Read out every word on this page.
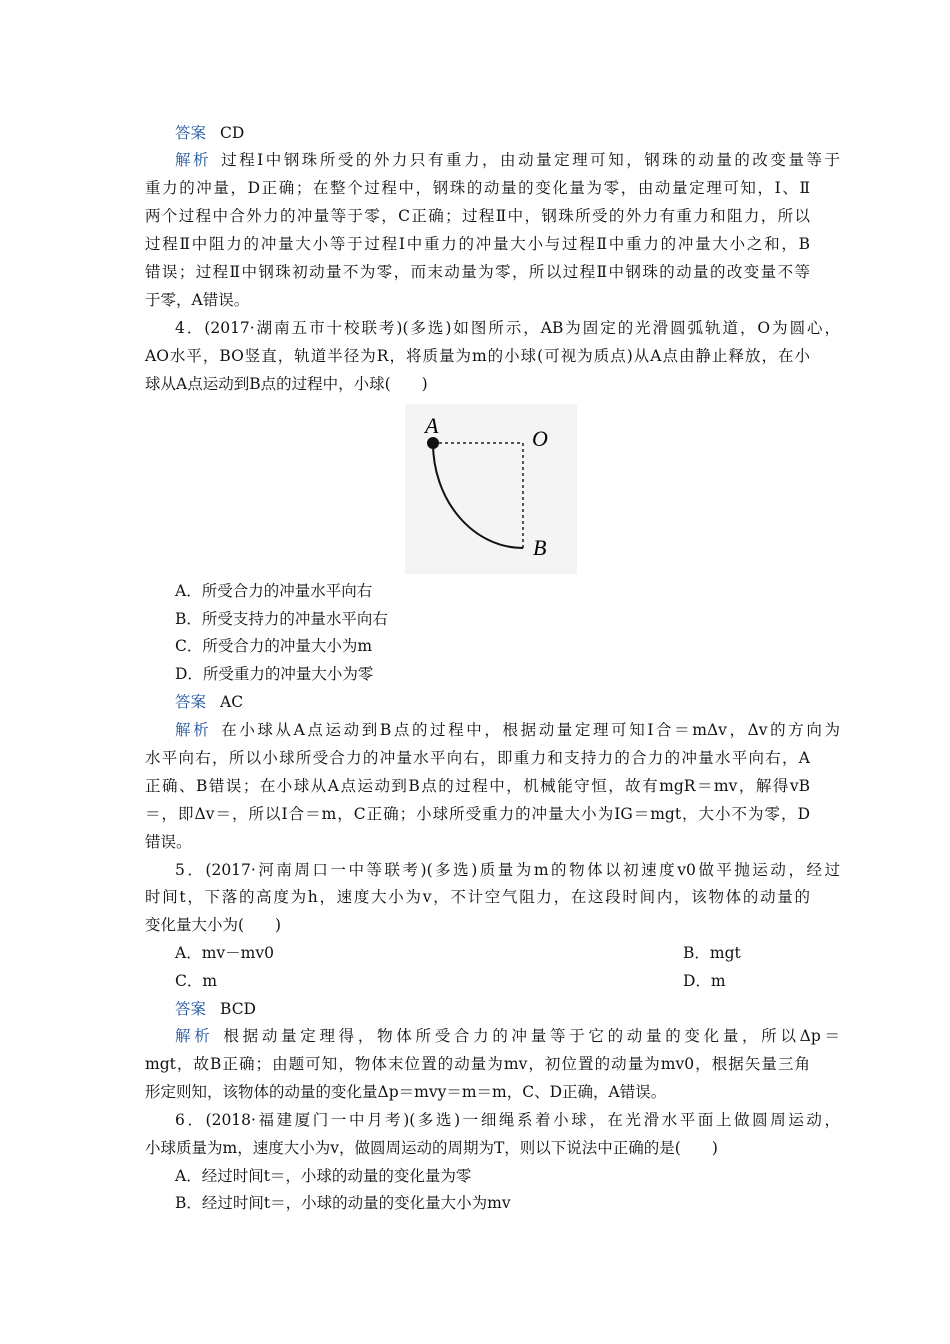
答案 CD
解析 过程Ⅰ中钢珠所受的外力只有重力，由动量定理可知，钢珠的动量的改变量等于
重力的冲量，D正确；在整个过程中，钢珠的动量的变化量为零，由动量定理可知，Ⅰ、Ⅱ
两个过程中合外力的冲量等于零，C正确；过程Ⅱ中，钢珠所受的外力有重力和阻力，所以
过程Ⅱ中阻力的冲量大小等于过程Ⅰ中重力的冲量大小与过程Ⅱ中重力的冲量大小之和，B
错误；过程Ⅱ中钢珠初动量不为零，而末动量为零，所以过程Ⅱ中钢珠的动量的改变量不等
于零，A错误。
4．(2017·湖南五市十校联考)(多选)如图所示，AB为固定的光滑圆弧轨道，O为圆心，
AO水平，BO竖直，轨道半径为R，将质量为m的小球(可视为质点)从A点由静止释放，在小
球从A点运动到B点的过程中，小球(　　)
A
O
B
A．所受合力的冲量水平向右
B．所受支持力的冲量水平向右
C．所受合力的冲量大小为m
D．所受重力的冲量大小为零
答案 AC
解析 在小球从A点运动到B点的过程中，根据动量定理可知I合＝mΔv，Δv的方向为
水平向右，所以小球所受合力的冲量水平向右，即重力和支持力的合力的冲量水平向右，A
正确、B错误；在小球从A点运动到B点的过程中，机械能守恒，故有mgR＝mv，解得vB
＝，即Δv＝，所以I合＝m，C正确；小球所受重力的冲量大小为IG＝mgt，大小不为零，D
错误。
5．(2017·河南周口一中等联考)(多选)质量为m的物体以初速度v0做平抛运动，经过
时间t，下落的高度为h，速度大小为v，不计空气阻力，在这段时间内，该物体的动量的
变化量大小为(　　)
A．mv－mv0	B．mgt
C．m	D．m
答案 BCD
解析 根据动量定理得，物体所受合力的冲量等于它的动量的变化量，所以Δp＝
mgt，故B正确；由题可知，物体末位置的动量为mv，初位置的动量为mv0，根据矢量三角
形定则知，该物体的动量的变化量Δp＝mvy＝m＝m，C、D正确，A错误。
6．(2018·福建厦门一中月考)(多选)一细绳系着小球，在光滑水平面上做圆周运动，
小球质量为m，速度大小为v，做圆周运动的周期为T，则以下说法中正确的是(　　)
A．经过时间t＝，小球的动量的变化量为零
B．经过时间t＝，小球的动量的变化量大小为mv
